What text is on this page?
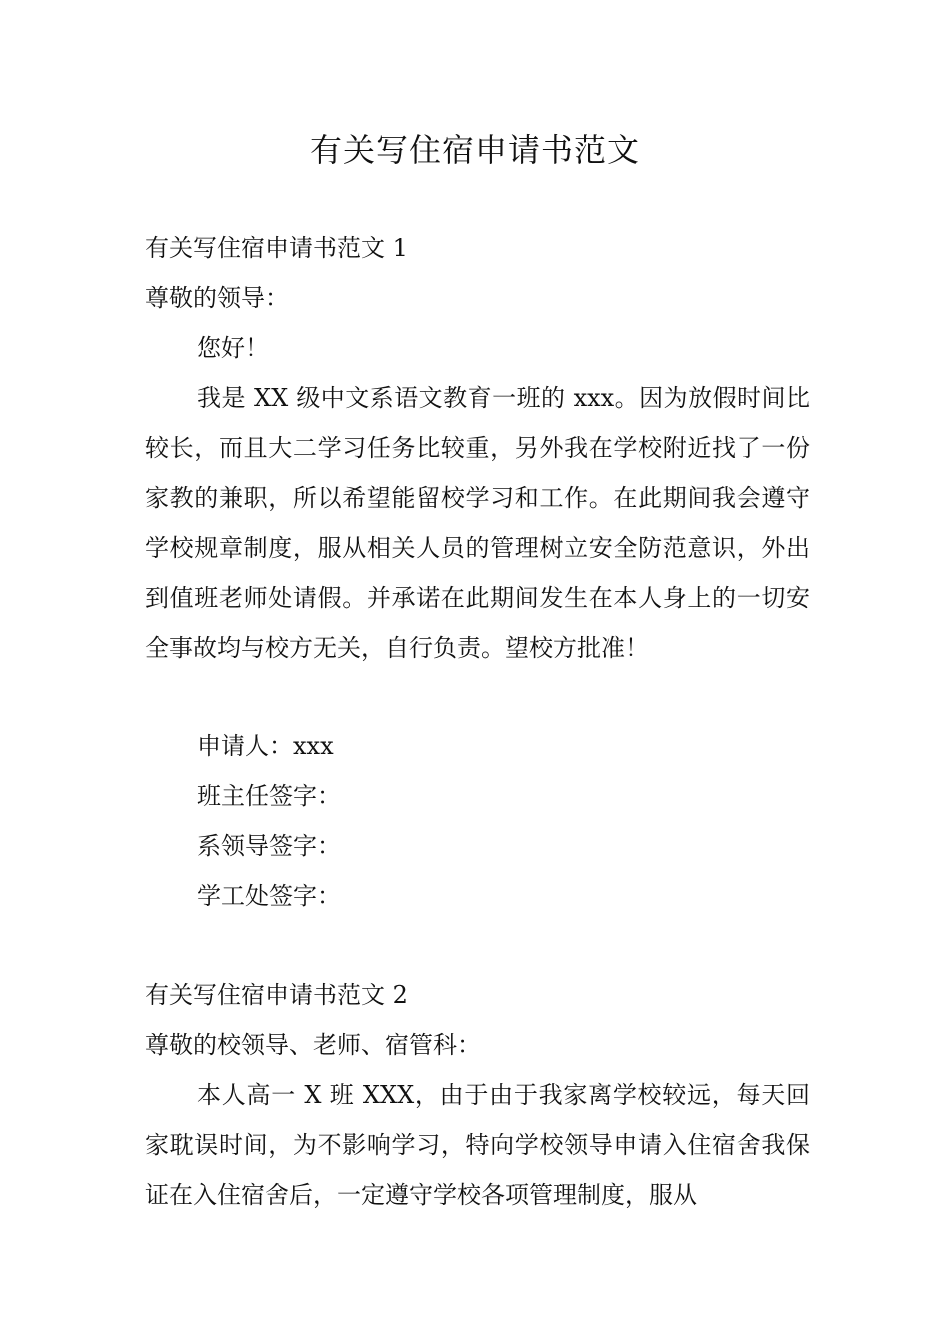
有关写住宿申请书范文

有关写住宿申请书范文 1

尊敬的领导：

您好！

我是 XX 级中文系语文教育一班的 xxx。因为放假时间比较长，而且大二学习任务比较重，另外我在学校附近找了一份家教的兼职，所以希望能留校学习和工作。在此期间我会遵守学校规章制度，服从相关人员的管理树立安全防范意识，外出到值班老师处请假。并承诺在此期间发生在本人身上的一切安全事故均与校方无关，自行负责。望校方批准！

申请人：xxx

班主任签字：

系领导签字：

学工处签字：

有关写住宿申请书范文 2

尊敬的校领导、老师、宿管科：

本人高一 X 班 XXX，由于由于我家离学校较远，每天回家耽误时间，为不影响学习，特向学校领导申请入住宿舍我保证在入住宿舍后，一定遵守学校各项管理制度，服从
